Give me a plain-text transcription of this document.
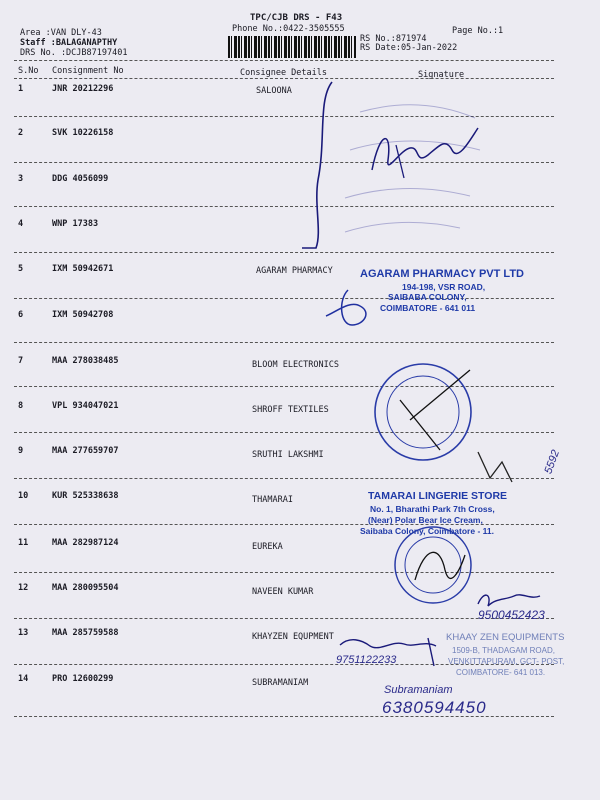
TPC/CJB DRS - F43
Phone No.:0422-3505555	Page No.:1
Area :VAN DLY-43
Staff :BALAGANAPTHY
DRS No. :DCJB87197401
RS No.:871974
RS Date:05-Jan-2022
S.No Consignment No	Consignee Details	Signature
1	JNR 20212296	SALOONA
2	SVK 10226158
3	DDG 4056099
4	WNP 17383
5	IXM 50942671	AGARAM PHARMACY
6	IXM 50942708
7	MAA 278038485	BLOOM ELECTRONICS
8	VPL 934047021	SHROFF TEXTILES
9	MAA 277659707	SRUTHI LAKSHMI
10	KUR 525338638	THAMARAI
11	MAA 282987124	EUREKA
12	MAA 280095504	NAVEEN KUMAR
13	MAA 285759588	KHAYZEN EQUPMENT
14	PRO 12600299	SUBRAMANIAM
AGARAM PHARMACY PVT LTD
194-198, VSR ROAD,
SAIBABA COLONY,
COIMBATORE - 641 011
TAMARAI LINGERIE STORE
No. 1, Bharathi Park 7th Cross,
(Near) Polar Bear Ice Cream,
Saibaba Colony, Coimbatore - 11.
KHAAY ZEN EQUIPMENTS
1509-B, THADAGAM ROAD,
VENKITTAPURAM, GCT- POST,
COIMBATORE- 641 013.
9500452423
9751122233
Subramaniam
6380594450
5592
